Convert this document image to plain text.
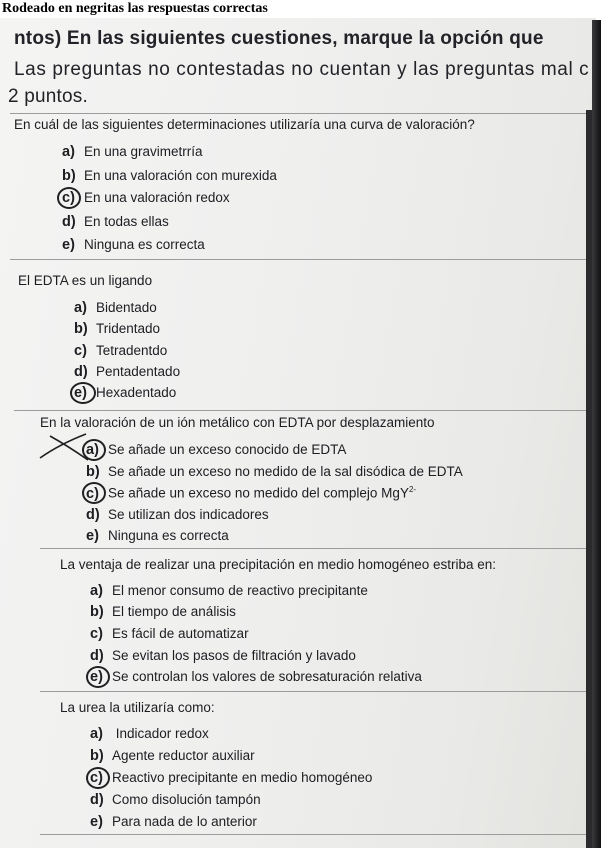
Rodeado en negritas las respuestas correctas
ntos) En las siguientes cuestiones, marque la opción que
Las preguntas no contestadas no cuentan y las preguntas mal c
2 puntos.
En cuál de las siguientes determinaciones utilizaría una curva de valoración?
a) En una gravimetrría
b) En una valoración con murexida
c) En una valoración redox
d) En todas ellas
e) Ninguna es correcta
El EDTA es un ligando
a) Bidentado
b) Tridentado
c) Tetradentdo
d) Pentadentado
e) Hexadentado
En la valoración de un ión metálico con EDTA por desplazamiento
a) Se añade un exceso conocido de EDTA
b) Se añade un exceso no medido de la sal disódica de EDTA
c) Se añade un exceso no medido del complejo MgY$^{2-}$
d) Se utilizan dos indicadores
e) Ninguna es correcta
La ventaja de realizar una precipitación en medio homogéneo estriba en:
a) El menor consumo de reactivo precipitante
b) El tiempo de análisis
c) Es fácil de automatizar
d) Se evitan los pasos de filtración y lavado
e) Se controlan los valores de sobresaturación relativa
La urea la utilizaría como:
a) Indicador redox
b) Agente reductor auxiliar
c) Reactivo precipitante en medio homogéneo
d) Como disolución tampón
e) Para nada de lo anterior
